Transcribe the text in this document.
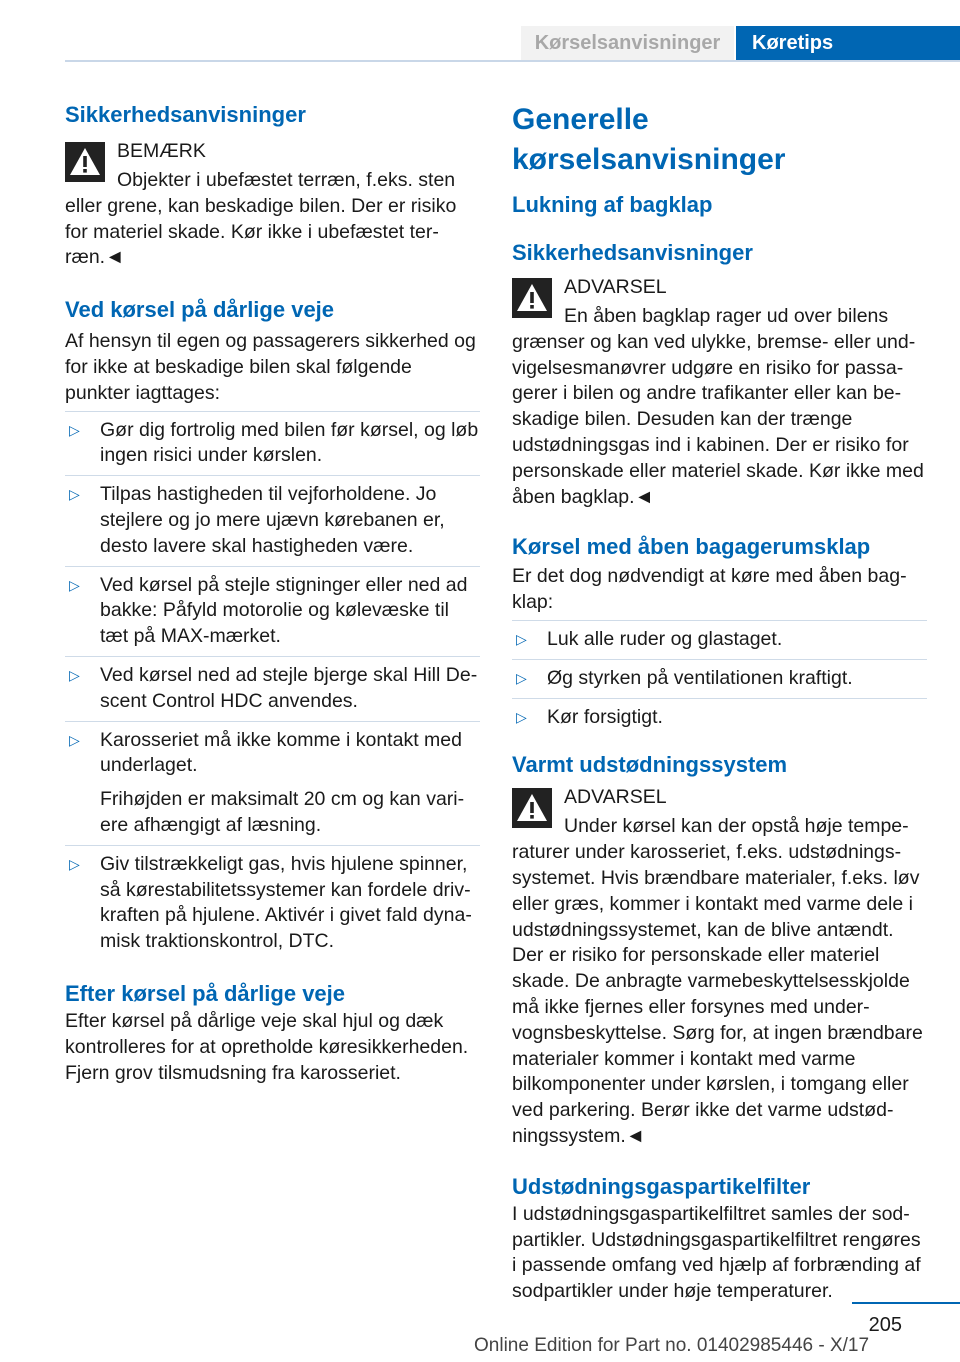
Kørselsanvisninger	Køretips
Sikkerhedsanvisninger

BEMÆRK

Objekter i ubefæstet terræn, f.eks. sten eller grene, kan beskadige bilen. Der er risiko for materiel skade. Kør ikke i ubefæstet terræn.◄

Ved kørsel på dårlige veje

Af hensyn til egen og passagerers sikkerhed og for ikke at beskadige bilen skal følgende punkter iagttages:

▷ Gør dig fortrolig med bilen før kørsel, og løb ingen risici under kørslen.
▷ Tilpas hastigheden til vejforholdene. Jo stejlere og jo mere ujævn kørebanen er, desto lavere skal hastigheden være.
▷ Ved kørsel på stejle stigninger eller ned ad bakke: Påfyld motorolie og kølevæske til tæt på MAX-mærket.
▷ Ved kørsel ned ad stejle bjerge skal Hill Descent Control HDC anvendes.
▷ Karosseriet må ikke komme i kontakt med underlaget.

Frihøjden er maksimalt 20 cm og kan variere afhængigt af læsning.

▷ Giv tilstrækkeligt gas, hvis hjulene spinner, så kørestabilitetssystemer kan fordele drivkraften på hjulene. Aktivér i givet fald dynamisk traktionskontrol, DTC.
Efter kørsel på dårlige veje

Efter kørsel på dårlige veje skal hjul og dæk kontrolleres for at opretholde køresikkerheden. Fjern grov tilsmudsning fra karosseriet.

Generelle kørselsanvisninger
Lukning af bagklap
Sikkerhedsanvisninger

ADVARSEL

En åben bagklap rager ud over bilens grænser og kan ved ulykke, bremse- eller undvigelsesmanøvrer udgøre en risiko for passagerer i bilen og andre trafikanter eller kan beskadige bilen. Desuden kan der trænge udstødningsgas ind i kabinen. Der er risiko for personskade eller materiel skade. Kør ikke med åben bagklap.◄

Kørsel med åben bagagerumsklap

Er det dog nødvendigt at køre med åben bagklap:

▷ Luk alle ruder og glastaget.
▷ Øg styrken på ventilationen kraftigt.
▷ Kør forsigtigt.
Varmt udstødningssystem

ADVARSEL

Under kørsel kan der opstå høje temperaturer under karosseriet, f.eks. udstødningssystemet. Hvis brændbare materialer, f.eks. løv eller græs, kommer i kontakt med varme dele i udstødningssystemet, kan de blive antændt. Der er risiko for personskade eller materiel skade. De anbragte varmebeskyttelsesskjolde må ikke fjernes eller forsynes med undervognsbeskyttelse. Sørg for, at ingen brændbare materialer kommer i kontakt med varme bilkomponenter under kørslen, i tomgang eller ved parkering. Berør ikke det varme udstødningssystem.◄

Udstødningsgaspartikelfilter

I udstødningsgaspartikelfiltret samles der sodpartikler. Udstødningsgaspartikelfiltret rengøres i passende omfang ved hjælp af forbrænding af sodpartikler under høje temperaturer.

205
Online Edition for Part no. 01402985446 - X/17
